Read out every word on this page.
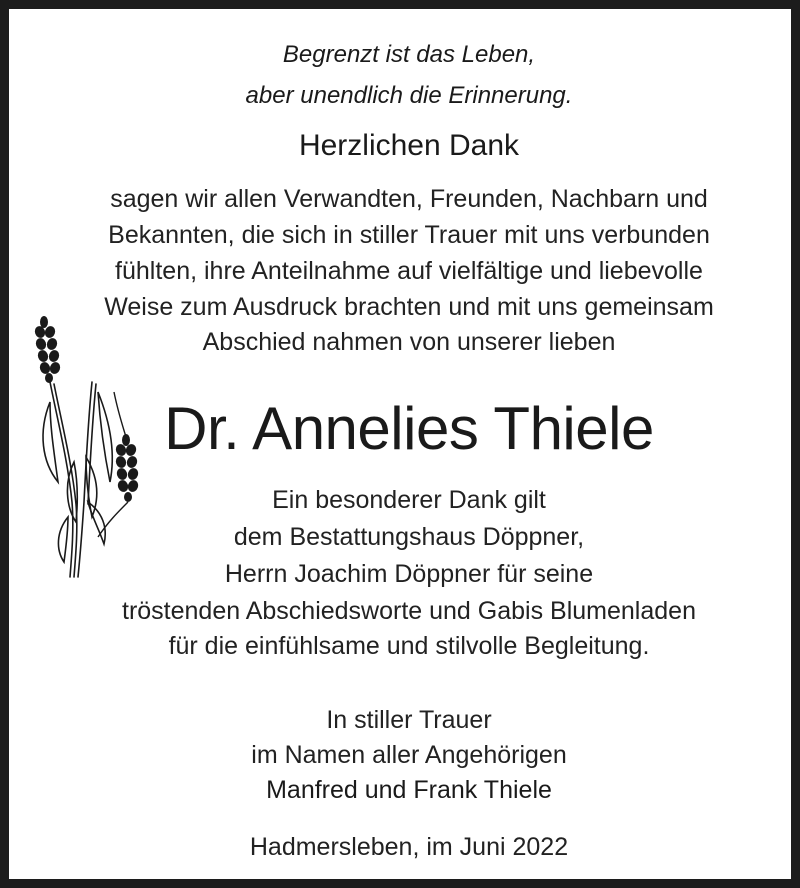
Begrenzt ist das Leben,
aber unendlich die Erinnerung.
Herzlichen Dank
sagen wir allen Verwandten, Freunden, Nachbarn und
Bekannten, die sich in stiller Trauer mit uns verbunden
fühlten, ihre Anteilnahme auf vielfältige und liebevolle
Weise zum Ausdruck brachten und mit uns gemeinsam
Abschied nahmen von unserer lieben
Dr. Annelies Thiele
Ein besonderer Dank gilt
dem Bestattungshaus Döppner,
Herrn Joachim Döppner für seine
tröstenden Abschiedsworte und Gabis Blumenladen
für die einfühlsame und stilvolle Begleitung.
In stiller Trauer
im Namen aller Angehörigen
Manfred und Frank Thiele
Hadmersleben, im Juni 2022
